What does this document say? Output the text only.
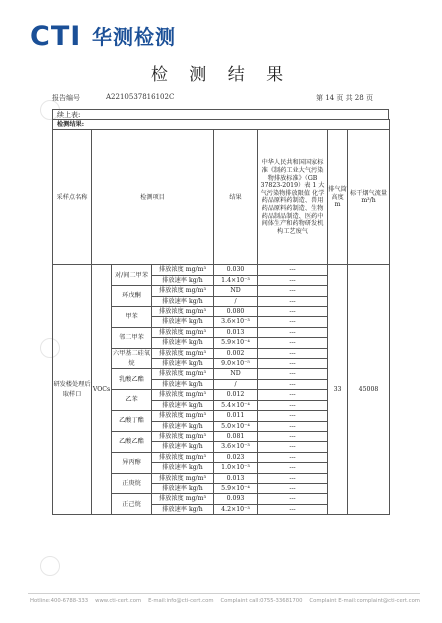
CTI 华测检测
检 测 结 果
报告编号	A2210537816102C	第 14 页 共 28 页
续上表:
检测结果:							
采样点名称	检测项目			结果	中华人民共和国国家标准《制药工业大气污染物排放标准》（GB 37823-2019）表 1 大气污染物排放限值 化学药品原料药制造、兽用药品原料药制造、生物药品制品制造、医药中间体生产和药物研发机构工艺废气	排气筒高度 m	标干烟气流量 m³/h
研发楼处理后取样口	VOCs	对/间二甲苯	排放浓度 mg/m³	0.030	---	33	45008
			排放速率 kg/h	1.4×10⁻³	---		
		环戊酮	排放浓度 mg/m³	ND	---		
			排放速率 kg/h	/	---		
		甲苯	排放浓度 mg/m³	0.080	---		
			排放速率 kg/h	3.6×10⁻³	---		
		邻二甲苯	排放浓度 mg/m³	0.013	---		
			排放速率 kg/h	5.9×10⁻⁴	---		
		六甲基二硅氧烷	排放浓度 mg/m³	0.002	---		
			排放速率 kg/h	9.0×10⁻⁵	---		
		乳酸乙酯	排放浓度 mg/m³	ND	---		
			排放速率 kg/h	/	---		
		乙苯	排放浓度 mg/m³	0.012	---		
			排放速率 kg/h	5.4×10⁻⁴	---		
		乙酸丁酯	排放浓度 mg/m³	0.011	---		
			排放速率 kg/h	5.0×10⁻⁴	---		
		乙酸乙酯	排放浓度 mg/m³	0.081	---		
			排放速率 kg/h	3.6×10⁻³	---		
		异丙醇	排放浓度 mg/m³	0.023	---		
			排放速率 kg/h	1.0×10⁻³	---		
		正庚烷	排放浓度 mg/m³	0.013	---		
			排放速率 kg/h	5.9×10⁻⁴	---		
		正己烷	排放浓度 mg/m³	0.093	---		
			排放速率 kg/h	4.2×10⁻³	---		
Hotline:400-6788-333 www.cti-cert.com E-mail:info@cti-cert.com Complaint call:0755-33681700 Complaint E-mail:complaint@cti-cert.com
